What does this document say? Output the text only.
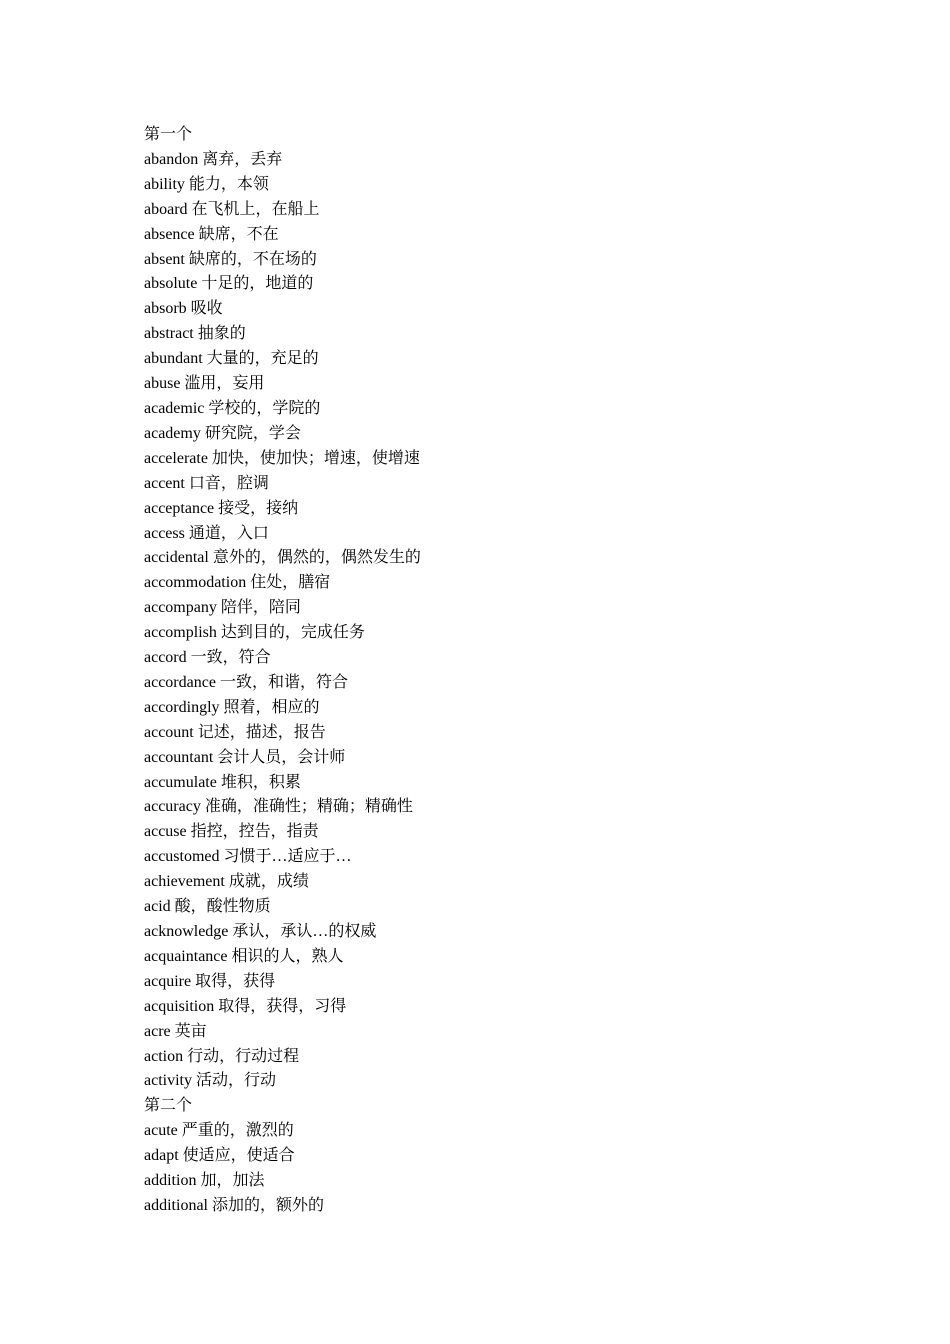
第一个
abandon 离弃，丢弃
ability 能力，本领
aboard 在飞机上，在船上
absence 缺席，不在
absent 缺席的，不在场的
absolute 十足的，地道的
absorb 吸收
abstract 抽象的
abundant 大量的，充足的
abuse 滥用，妄用
academic 学校的，学院的
academy 研究院，学会
accelerate 加快，使加快；增速，使增速
accent 口音，腔调
acceptance 接受，接纳
access 通道，入口
accidental 意外的，偶然的，偶然发生的
accommodation 住处，膳宿
accompany 陪伴，陪同
accomplish 达到目的，完成任务
accord 一致，符合
accordance 一致，和谐，符合
accordingly 照着，相应的
account 记述，描述，报告
accountant 会计人员，会计师
accumulate 堆积，积累
accuracy 准确，准确性；精确；精确性
accuse 指控，控告，指责
accustomed 习惯于…适应于…
achievement 成就，成绩
acid 酸，酸性物质
acknowledge 承认，承认…的权威
acquaintance 相识的人，熟人
acquire 取得，获得
acquisition 取得，获得，习得
acre 英亩
action 行动，行动过程
activity 活动，行动
第二个
acute 严重的，激烈的
adapt 使适应，使适合
addition 加，加法
additional 添加的，额外的
